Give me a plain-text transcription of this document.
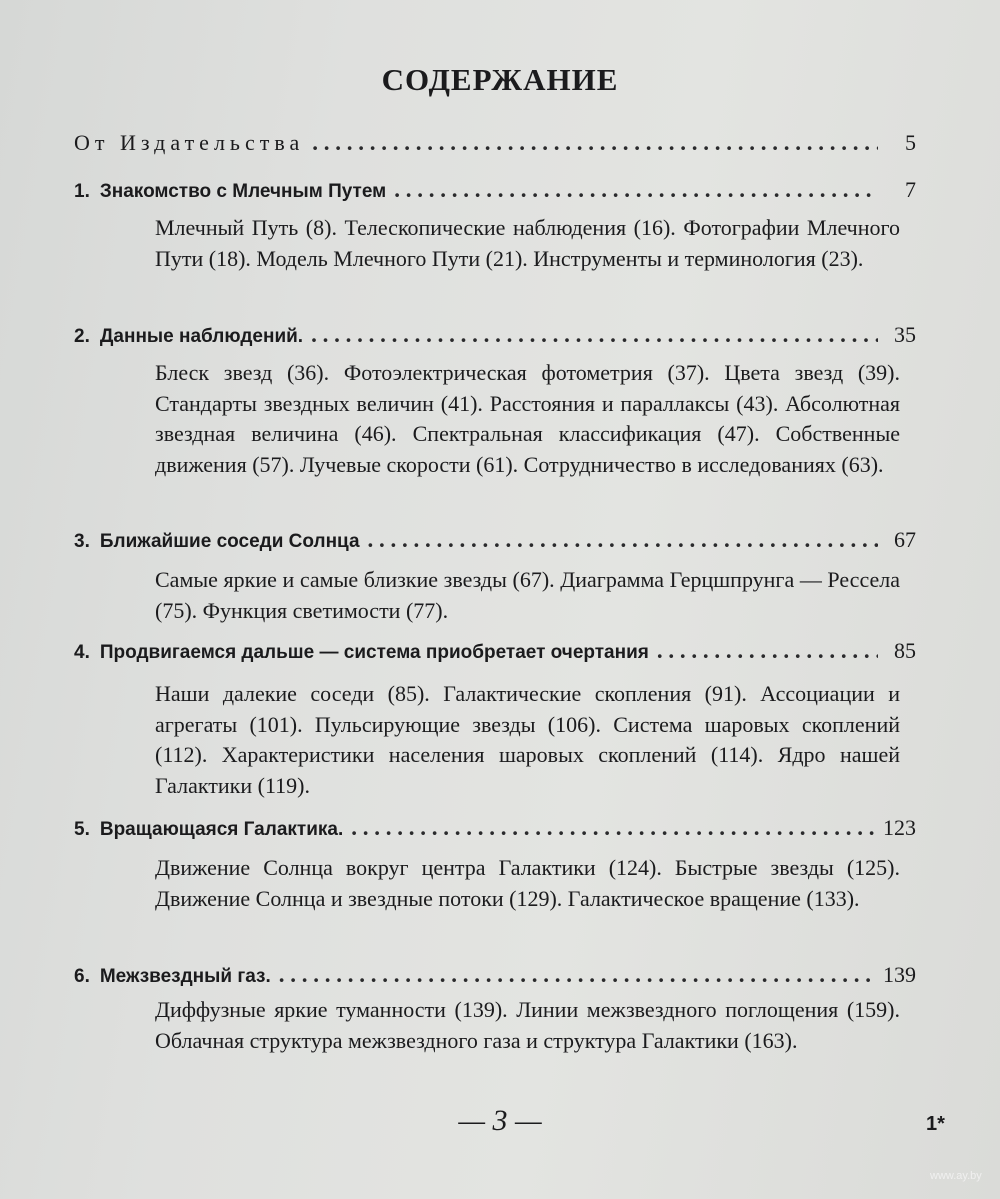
СОДЕРЖАНИЕ
От Издательства . . .	5
1. Знакомство с Млечным Путем . . .	7
Млечный Путь (8). Телескопические наблюдения (16). Фотографии Млечного Пути (18). Модель Млечного Пути (21). Инструменты и терминология (23).
2. Данные наблюдений. . . .	35
Блеск звезд (36). Фотоэлектрическая фотометрия (37). Цвета звезд (39). Стандарты звездных величин (41). Расстояния и параллаксы (43). Абсолютная звездная величина (46). Спектральная классификация (47). Собственные движения (57). Лучевые скорости (61). Сотрудничество в исследованиях (63).
3. Ближайшие соседи Солнца . . .	67
Самые яркие и самые близкие звезды (67). Диаграмма Герцшпрунга — Рессела (75). Функция светимости (77).
4. Продвигаемся дальше — система приобретает очертания . . .	85
Наши далекие соседи (85). Галактические скопления (91). Ассоциации и агрегаты (101). Пульсирующие звезды (106). Система шаровых скоплений (112). Характеристики населения шаровых скоплений (114). Ядро нашей Галактики (119).
5. Вращающаяся Галактика. . . .	123
Движение Солнца вокруг центра Галактики (124). Быстрые звезды (125). Движение Солнца и звездные потоки (129). Галактическое вращение (133).
6. Межзвездный газ. . . .	139
Диффузные яркие туманности (139). Линии межзвездного поглощения (159). Облачная структура межзвездного газа и структура Галактики (163).
— 3 —	1*
www.ay.by
